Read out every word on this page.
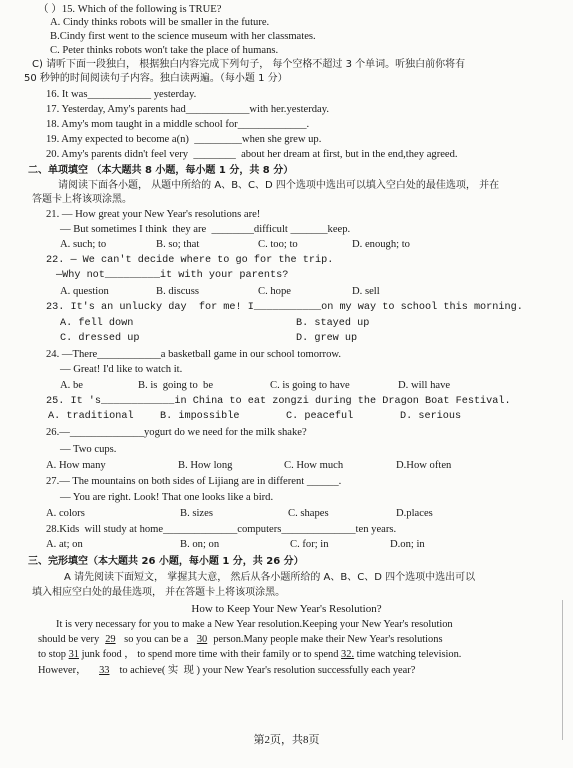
（ ）15. Which of the following is TRUE?
A. Cindy thinks robots will be smaller in the future.
B.Cindy first went to the science museum with her classmates.
C. Peter thinks robots won't take the place of humans.
C) 请听下面一段独白， 根据独白内容完成下列句子， 每个空格不超过 3 个单词。听独白前你将有
50 秒钟的时间阅读句子内容。独白读两遍。（每小题 1 分）
16. It was____________ yesterday.
17. Yesterday, Amy's parents had____________with her.yesterday.
18. Amy's mom taught in a middle school for_____________.
19. Amy expected to become a(n)  _________when she grew up.
20. Amy's parents didn't feel very  ________  about her dream at first, but in the end,they agreed.
二、单项填空 （本大题共 8 小题，每小题 1 分，共 8 分）
请阅读下面各小题， 从题中所给的 A、B、C、D 四个选项中选出可以填入空白处的最佳选项， 并在
答题卡上将该项涂黑。
21. — How great your New Year's resolutions are!
— But sometimes I think  they are  ________difficult _______keep.
A. such; to	B. so; that	C. too; to	D. enough; to
22. — We can't decide where to go for the trip.
—Why not_________it with your parents?
A. question	B. discuss	C. hope	D. sell
23. It's an unlucky day  for me! I___________on my way to school this morning.
A. fell down	B. stayed up
C. dressed up	D. grew up
24. —There____________a basketball game in our school tomorrow.
— Great! I'd like to watch it.
A. be	B. is  going to  be	C. is going to have	D. will have
25. It 's____________in China to eat zongzi during the Dragon Boat Festival.
A. traditional	B. impossible	C. peaceful	D. serious
26.—______________yogurt do we need for the milk shake?
— Two cups.
A. How many	B. How long	C. How much	D.How often
27.— The mountains on both sides of Lijiang are in different ______.
— You are right. Look! That one looks like a bird.
A. colors	B. sizes	C. shapes	D.places
28.Kids  will study at home______________computers______________ten years.
A. at; on	B. on; on	C. for; in	D.on; in
三、完形填空（本大题共 26 小题，每小题 1 分，共 26 分）
A 请先阅读下面短文， 掌握其大意， 然后从各小题所给的 A、B、C、D 四个选项中选出可以
填入相应空白处的最佳选项， 并在答题卡上将该项涂黑。
How to Keep Your New Year's Resolution?
It is very necessary for you to make a New Year resolution.Keeping your New Year's resolution
should be very 29 so you can be a 30 person.Many people make their New Year's resolutions
to stop 31 junk food ， to spend more time with their family or to spend 32. time watching television.
However， 33 to achieve( 实  现 ) your New Year's resolution successfully each year?
第2页，共8页
